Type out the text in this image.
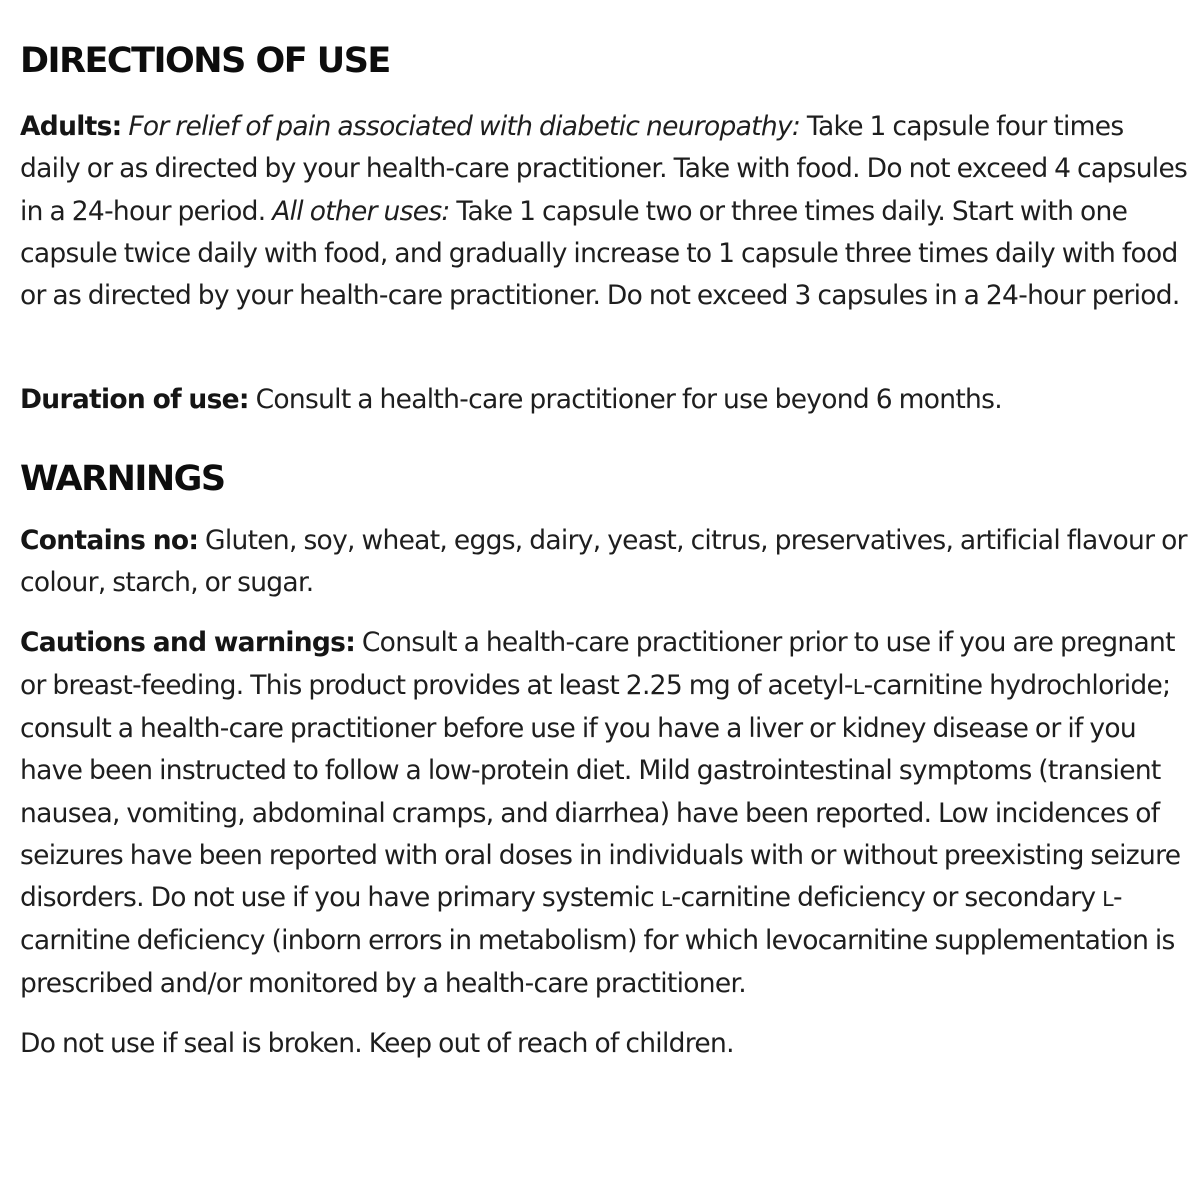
DIRECTIONS OF USE

Adults: For relief of pain associated with diabetic neuropathy: Take 1 capsule four times daily or as directed by your health-care practitioner. Take with food. Do not exceed 4 capsules in a 24-hour period. All other uses: Take 1 capsule two or three times daily. Start with one capsule twice daily with food, and gradually increase to 1 capsule three times daily with food or as directed by your health-care practitioner. Do not exceed 3 capsules in a 24-hour period.

Duration of use: Consult a health-care practitioner for use beyond 6 months.

WARNINGS

Contains no: Gluten, soy, wheat, eggs, dairy, yeast, citrus, preservatives, artificial flavour or colour, starch, or sugar.

Cautions and warnings: Consult a health-care practitioner prior to use if you are pregnant or breast-feeding. This product provides at least 2.25 mg of acetyl-L-carnitine hydrochloride; consult a health-care practitioner before use if you have a liver or kidney disease or if you have been instructed to follow a low-protein diet. Mild gastrointestinal symptoms (transient nausea, vomiting, abdominal cramps, and diarrhea) have been reported. Low incidences of seizures have been reported with oral doses in individuals with or without preexisting seizure disorders. Do not use if you have primary systemic L-carnitine deficiency or secondary L-carnitine deficiency (inborn errors in metabolism) for which levocarnitine supplementation is prescribed and/or monitored by a health-care practitioner.

Do not use if seal is broken. Keep out of reach of children.
